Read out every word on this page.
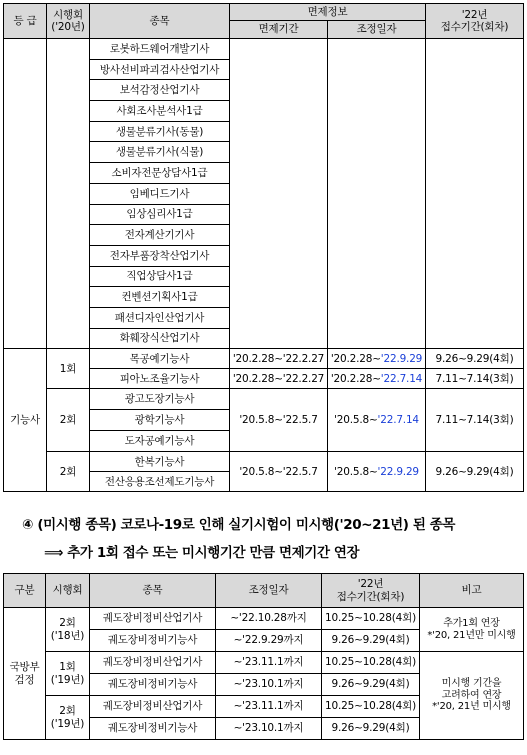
등 급	시행회
('20년)	종목	면제정보		'22년
접수기간(회차)
			면제기간	조정일자	
		로봇하드웨어개발기사			
		방사선비파괴검사산업기사			
		보석감정산업기사			
		사회조사분석사1급			
		생물분류기사(동물)			
		생물분류기사(식물)			
		소비자전문상담사1급			
		임베디드기사			
		임상심리사1급			
		전자계산기기사			
		전자부품장착산업기사			
		직업상담사1급			
		컨벤션기획사1급			
		패션디자인산업기사			
		화훼장식산업기사			
기능사	1회	목공예기능사	'20.2.28~'22.2.27	'20.2.28~'22.9.29	9.26~9.29(4회)
		피아노조율기능사	'20.2.28~'22.2.27	'20.2.28~'22.7.14	7.11~7.14(3회)
	2회	광고도장기능사	'20.5.8~'22.5.7	'20.5.8~'22.7.14	7.11~7.14(3회)
		광학기능사			
		도자공예기능사			
	2회	한복기능사	'20.5.8~'22.5.7	'20.5.8~'22.9.29	9.26~9.29(4회)
		전산응용조선제도기능사			
④ (미시행 종목) 코로나-19로 인해 실기시험이 미시행('20~21년) 된 종목
⟹ 추가 1회 접수 또는 미시행기간 만큼 면제기간 연장
구분	시행회	종목	조정일자	'22년
접수기간(회차)	비고
국방부
검정	2회
('18년)	궤도장비정비산업기사	~'22.10.28까지	10.25~10.28(4회)	추가1회 연장
*'20, 21년만 미시행
		궤도장비정비기능사	~'22.9.29까지	9.26~9.29(4회)	
	1회
('19년)	궤도장비정비산업기사	~'23.11.1까지	10.25~10.28(4회)	미시행 기간을
고려하여 연장
*'20, 21년 미시행
		궤도장비정비기능사	~'23.10.1까지	9.26~9.29(4회)	
	2회
('19년)	궤도장비정비산업기사	~'23.11.1까지	10.25~10.28(4회)	
		궤도장비정비기능사	~'23.10.1까지	9.26~9.29(4회)	
